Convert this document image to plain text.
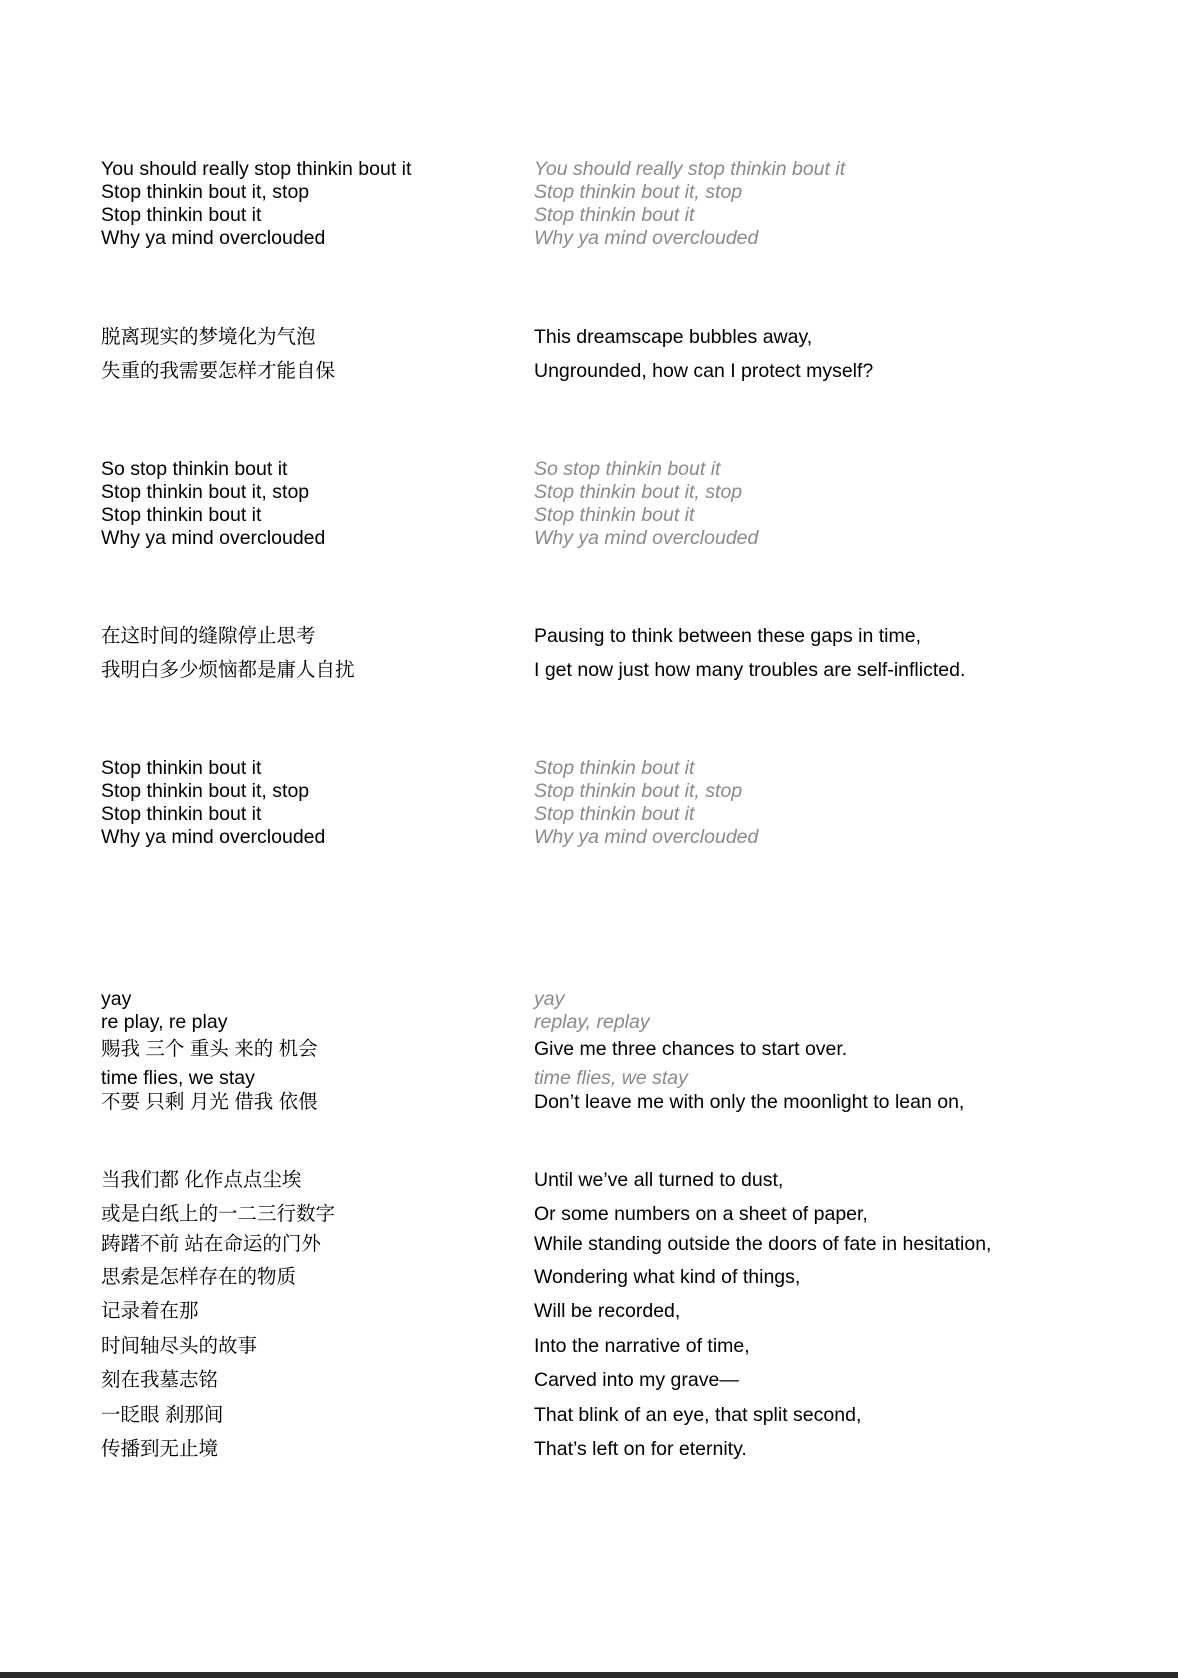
You should really stop thinkin bout it
Stop thinkin bout it, stop
Stop thinkin bout it
Why ya mind overclouded
脱离现实的梦境化为气泡
失重的我需要怎样才能自保
So stop thinkin bout it
Stop thinkin bout it, stop
Stop thinkin bout it
Why ya mind overclouded
在这时间的缝隙停止思考
我明白多少烦恼都是庸人自扰
Stop thinkin bout it
Stop thinkin bout it, stop
Stop thinkin bout it
Why ya mind overclouded
yay
re play, re play
赐我 三个 重头 来的 机会
time flies, we stay
不要 只剩 月光 借我 依偎
当我们都 化作点点尘埃
或是白纸上的一二三行数字
踌躇不前 站在命运的门外
思索是怎样存在的物质
记录着在那
时间轴尽头的故事
刻在我墓志铭
一眨眼 刹那间
传播到无止境
You should really stop thinkin bout it
Stop thinkin bout it, stop
Stop thinkin bout it
Why ya mind overclouded
This dreamscape bubbles away,
Ungrounded, how can I protect myself?
So stop thinkin bout it
Stop thinkin bout it, stop
Stop thinkin bout it
Why ya mind overclouded
Pausing to think between these gaps in time,
I get now just how many troubles are self-inflicted.
Stop thinkin bout it
Stop thinkin bout it, stop
Stop thinkin bout it
Why ya mind overclouded
yay
replay, replay
Give me three chances to start over.
time flies, we stay
Don’t leave me with only the moonlight to lean on,
Until we’ve all turned to dust,
Or some numbers on a sheet of paper,
While standing outside the doors of fate in hesitation,
Wondering what kind of things,
Will be recorded,
Into the narrative of time,
Carved into my grave—
That blink of an eye, that split second,
That’s left on for eternity.
